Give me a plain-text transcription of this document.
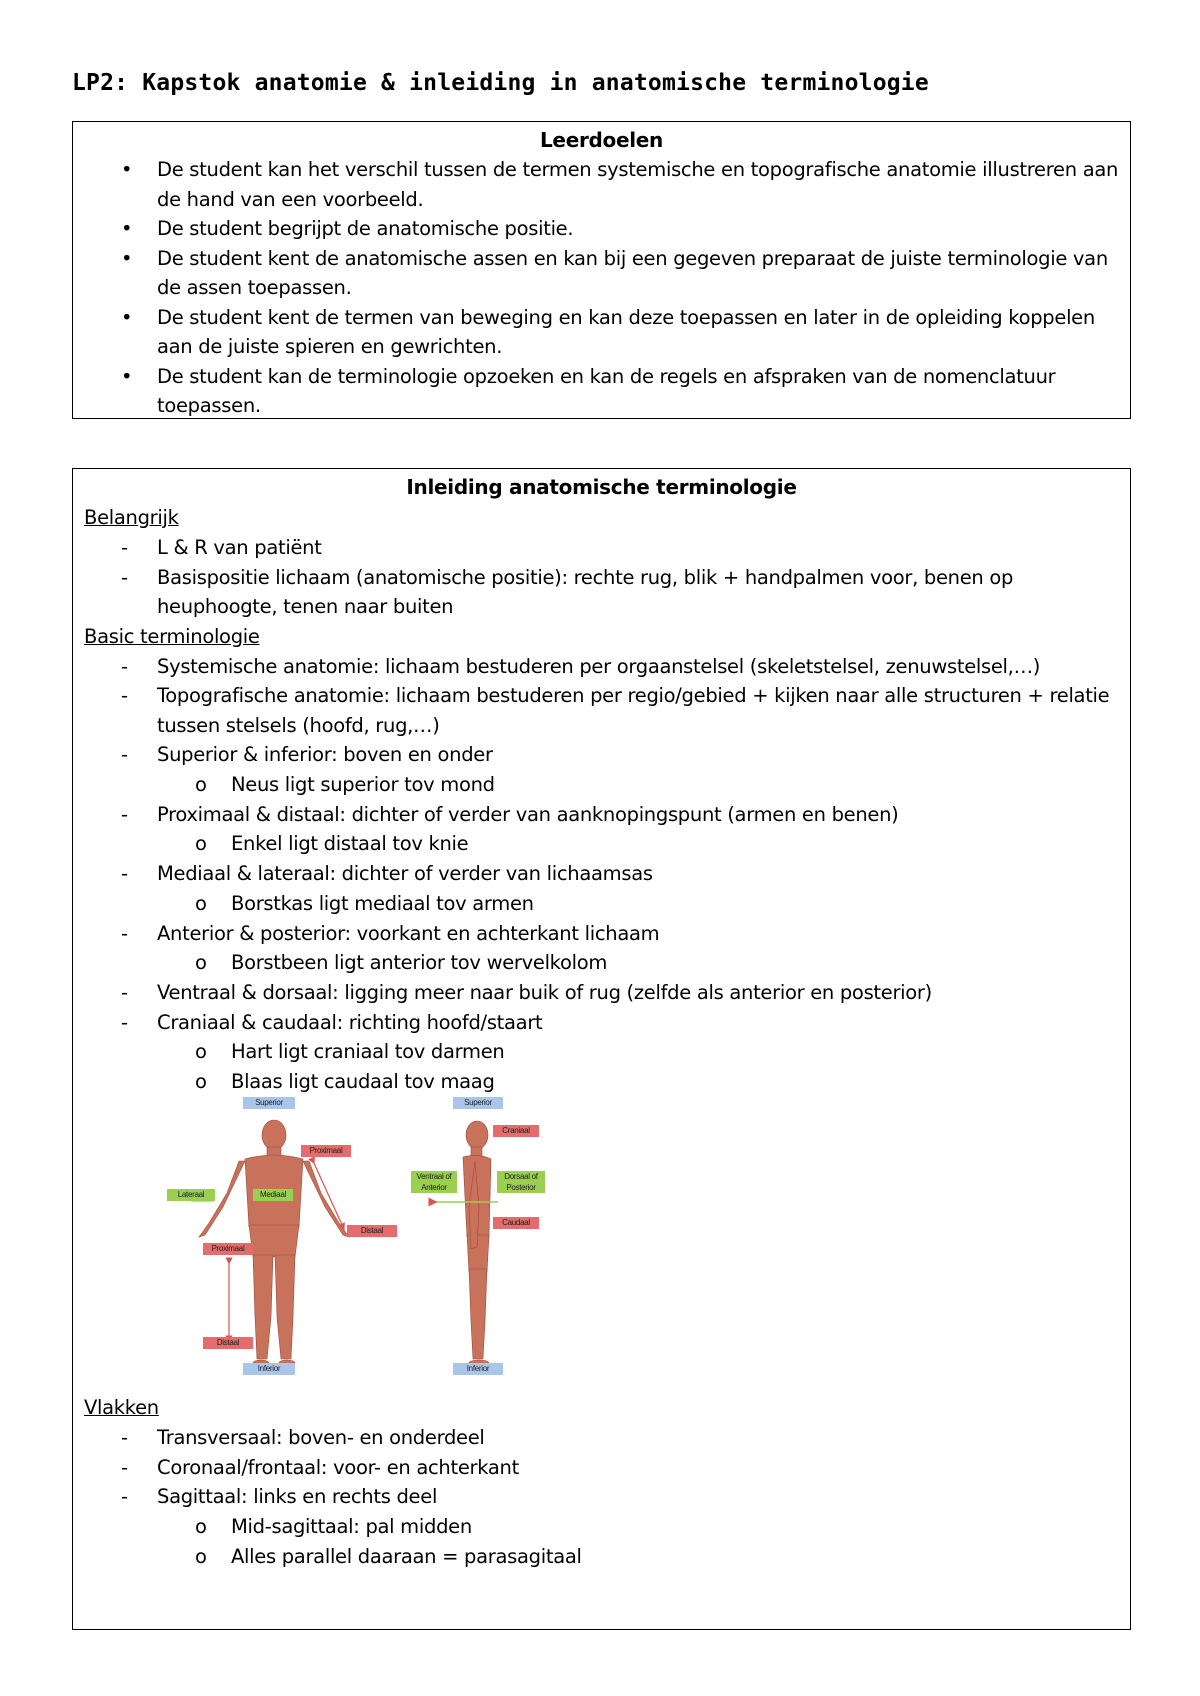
LP2: Kapstok anatomie & inleiding in anatomische terminologie
Leerdoelen
• De student kan het verschil tussen de termen systemische en topografische anatomie illustreren aan de hand van een voorbeeld.
• De student begrijpt de anatomische positie.
• De student kent de anatomische assen en kan bij een gegeven preparaat de juiste terminologie van de assen toepassen.
• De student kent de termen van beweging en kan deze toepassen en later in de opleiding koppelen aan de juiste spieren en gewrichten.
• De student kan de terminologie opzoeken en kan de regels en afspraken van de nomenclatuur toepassen.
Inleiding anatomische terminologie
Belangrijk
- L & R van patiënt
- Basispositie lichaam (anatomische positie): rechte rug, blik + handpalmen voor, benen op heuphoogte, tenen naar buiten
Basic terminologie
- Systemische anatomie: lichaam bestuderen per orgaanstelsel (skeletstelsel, zenuwstelsel,…)
- Topografische anatomie: lichaam bestuderen per regio/gebied + kijken naar alle structuren + relatie tussen stelsels (hoofd, rug,…)
- Superior & inferior: boven en onder
o Neus ligt superior tov mond
- Proximaal & distaal: dichter of verder van aanknopingspunt (armen en benen)
o Enkel ligt distaal tov knie
- Mediaal & lateraal: dichter of verder van lichaamsas
o Borstkas ligt mediaal tov armen
- Anterior & posterior: voorkant en achterkant lichaam
o Borstbeen ligt anterior tov wervelkolom
- Ventraal & dorsaal: ligging meer naar buik of rug (zelfde als anterior en posterior)
- Craniaal & caudaal: richting hoofd/staart
o Hart ligt craniaal tov darmen
o Blaas ligt caudaal tov maag
Superior
Proximaal
Lateraal	Mediaal
Distaal
Proximaal
Distaal
Inferior
Superior
Craniaal
Ventraal of Anterior
Dorsaal of Posterior
Caudaal
Inferior
Vlakken
- Transversaal: boven- en onderdeel
- Coronaal/frontaal: voor- en achterkant
- Sagittaal: links en rechts deel
o Mid-sagittaal: pal midden
o Alles parallel daaraan = parasagitaal
